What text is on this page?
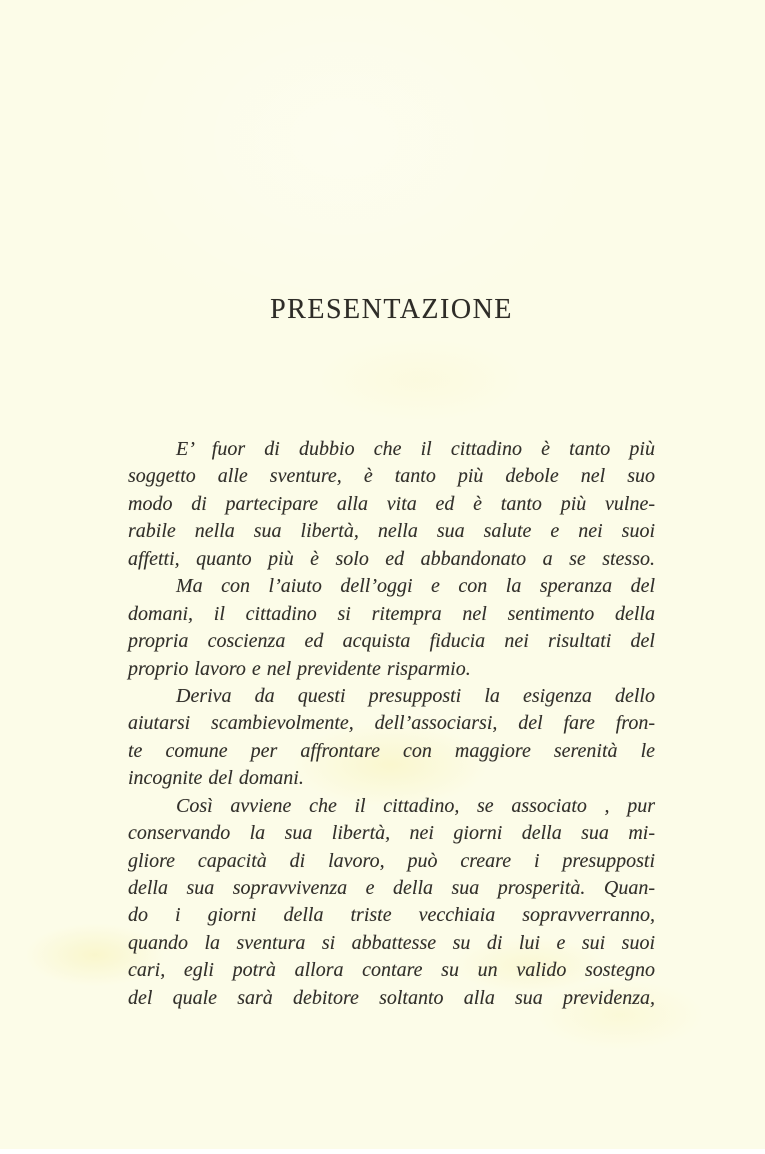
PRESENTAZIONE
E’ fuor di dubbio che il cittadino è tanto più
soggetto alle sventure, è tanto più debole nel suo
modo di partecipare alla vita ed è tanto più vulne-
rabile nella sua libertà, nella sua salute e nei suoi
affetti, quanto più è solo ed abbandonato a se stesso.
Ma con l’aiuto dell’oggi e con la speranza del
domani, il cittadino si ritempra nel sentimento della
propria coscienza ed acquista fiducia nei risultati del
proprio lavoro e nel previdente risparmio.
Deriva da questi presupposti la esigenza dello
aiutarsi scambievolmente, dell’associarsi, del fare fron-
te comune per affrontare con maggiore serenità le
incognite del domani.
Così avviene che il cittadino, se associato , pur
conservando la sua libertà, nei giorni della sua mi-
gliore capacità di lavoro, può creare i presupposti
della sua sopravvivenza e della sua prosperità. Quan-
do i giorni della triste vecchiaia sopravverranno,
quando la sventura si abbattesse su di lui e sui suoi
cari, egli potrà allora contare su un valido sostegno
del quale sarà debitore soltanto alla sua previdenza,
